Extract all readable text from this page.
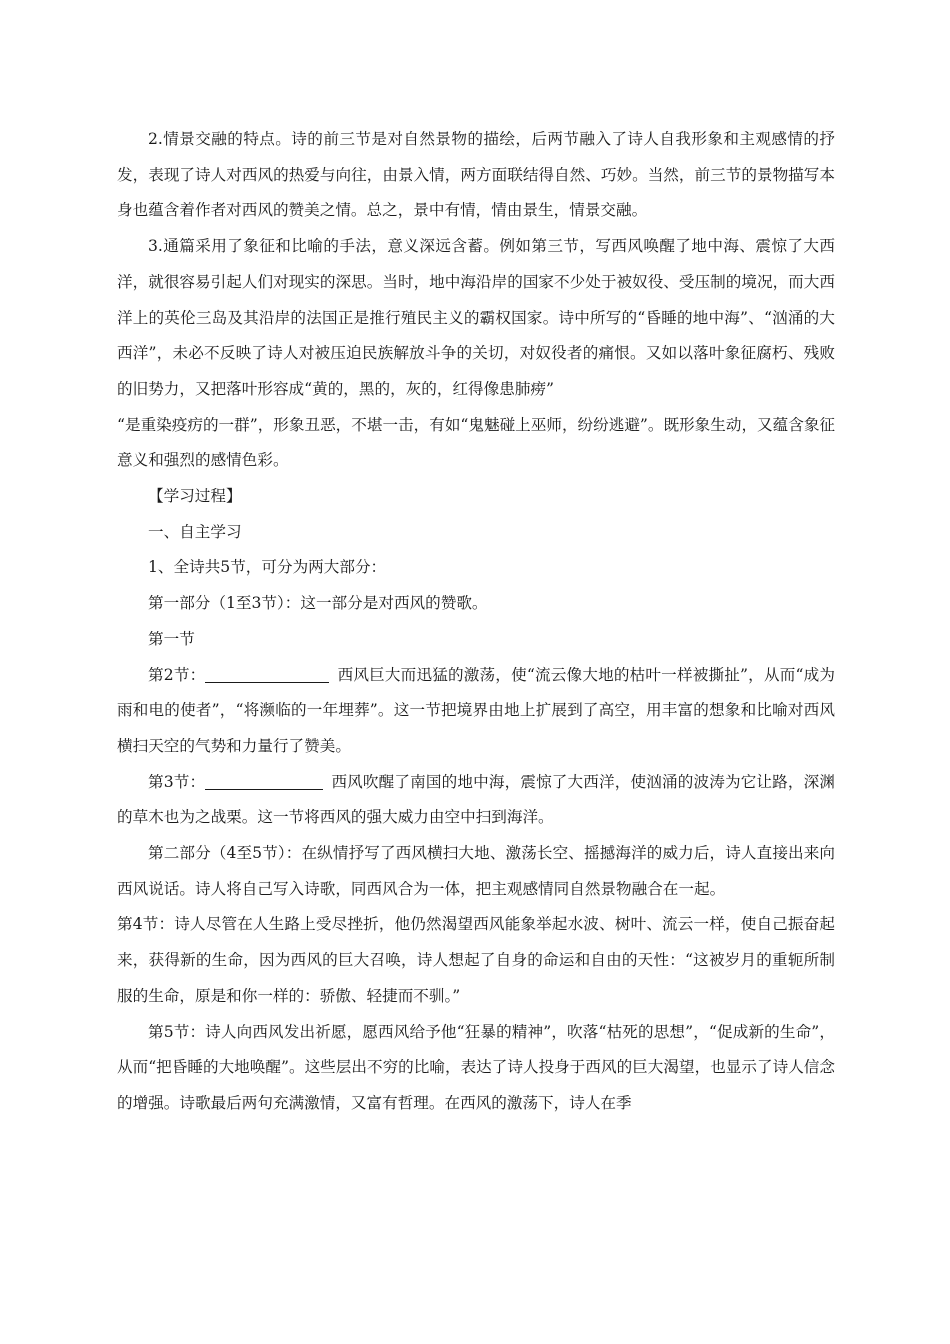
2.情景交融的特点。诗的前三节是对自然景物的描绘，后两节融入了诗人自我形象和主观感情的抒发，表现了诗人对西风的热爱与向往，由景入情，两方面联结得自然、巧妙。当然，前三节的景物描写本身也蕴含着作者对西风的赞美之情。总之，景中有情，情由景生，情景交融。

3.通篇采用了象征和比喻的手法，意义深远含蓄。例如第三节，写西风唤醒了地中海、震惊了大西洋，就很容易引起人们对现实的深思。当时，地中海沿岸的国家不少处于被奴役、受压制的境况，而大西洋上的英伦三岛及其沿岸的法国正是推行殖民主义的霸权国家。诗中所写的“昏睡的地中海”、“汹涌的大西洋”，未必不反映了诗人对被压迫民族解放斗争的关切，对奴役者的痛恨。又如以落叶象征腐朽、残败的旧势力，又把落叶形容成“黄的，黑的，灰的，红得像患肺痨”

“是重染疫疠的一群”，形象丑恶，不堪一击，有如“鬼魅碰上巫师，纷纷逃避”。既形象生动，又蕴含象征意义和强烈的感情色彩。

【学习过程】

一、自主学习

1、全诗共5节，可分为两大部分：

第一部分（1至3节）：这一部分是对西风的赞歌。

第一节

第2节：	西风巨大而迅猛的激荡，使“流云像大地的枯叶一样被撕扯”，从而“成为雨和电的使者”，“将濒临的一年埋葬”。这一节把境界由地上扩展到了高空，用丰富的想象和比喻对西风横扫天空的气势和力量行了赞美。

第3节：	西风吹醒了南国的地中海，震惊了大西洋，使汹涌的波涛为它让路，深渊的草木也为之战栗。这一节将西风的强大威力由空中扫到海洋。

第二部分（4至5节）：在纵情抒写了西风横扫大地、激荡长空、摇撼海洋的威力后，诗人直接出来向西风说话。诗人将自己写入诗歌，同西风合为一体，把主观感情同自然景物融合在一起。

第4节：诗人尽管在人生路上受尽挫折，他仍然渴望西风能象举起水波、树叶、流云一样，使自己振奋起来，获得新的生命，因为西风的巨大召唤，诗人想起了自身的命运和自由的天性：“这被岁月的重轭所制服的生命，原是和你一样的：骄傲、轻捷而不驯。”

第5节：诗人向西风发出祈愿，愿西风给予他“狂暴的精神”，吹落“枯死的思想”，“促成新的生命”，从而“把昏睡的大地唤醒”。这些层出不穷的比喻，表达了诗人投身于西风的巨大渴望，也显示了诗人信念的增强。诗歌最后两句充满激情，又富有哲理。在西风的激荡下，诗人在季
